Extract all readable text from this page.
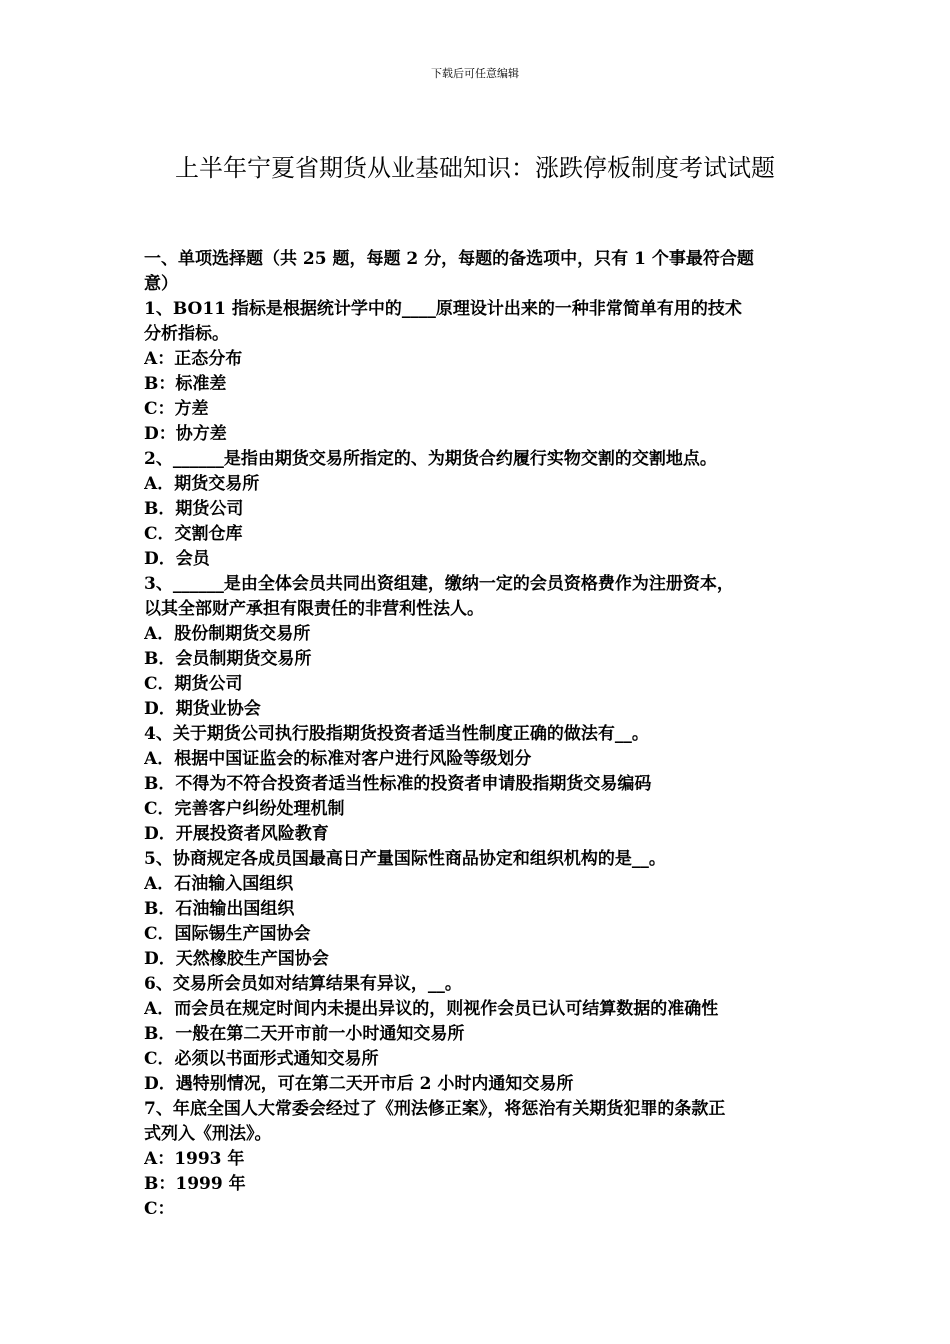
下载后可任意编辑
上半年宁夏省期货从业基础知识：涨跌停板制度考试试题
一、单项选择题（共 25 题，每题 2 分，每题的备选项中，只有 1 个事最符合题
意）
1、BO11 指标是根据统计学中的____原理设计出来的一种非常简单有用的技术
分析指标。
A：正态分布
B：标准差
C：方差
D：协方差
2、______是指由期货交易所指定的、为期货合约履行实物交割的交割地点。
A．期货交易所
B．期货公司
C．交割仓库
D．会员
3、______是由全体会员共同出资组建，缴纳一定的会员资格费作为注册资本，
以其全部财产承担有限责任的非营利性法人。
A．股份制期货交易所
B．会员制期货交易所
C．期货公司
D．期货业协会
4、关于期货公司执行股指期货投资者适当性制度正确的做法有__。
A．根据中国证监会的标准对客户进行风险等级划分
B．不得为不符合投资者适当性标准的投资者申请股指期货交易编码
C．完善客户纠纷处理机制
D．开展投资者风险教育
5、协商规定各成员国最高日产量国际性商品协定和组织机构的是__。
A．石油输入国组织
B．石油输出国组织
C．国际锡生产国协会
D．天然橡胶生产国协会
6、交易所会员如对结算结果有异议，__。
A．而会员在规定时间内未提出异议的，则视作会员已认可结算数据的准确性
B．一般在第二天开市前一小时通知交易所
C．必须以书面形式通知交易所
D．遇特别情况，可在第二天开市后 2 小时内通知交易所
7、年底全国人大常委会经过了《刑法修正案》，将惩治有关期货犯罪的条款正
式列入《刑法》。
A：1993 年
B：1999 年
C：
